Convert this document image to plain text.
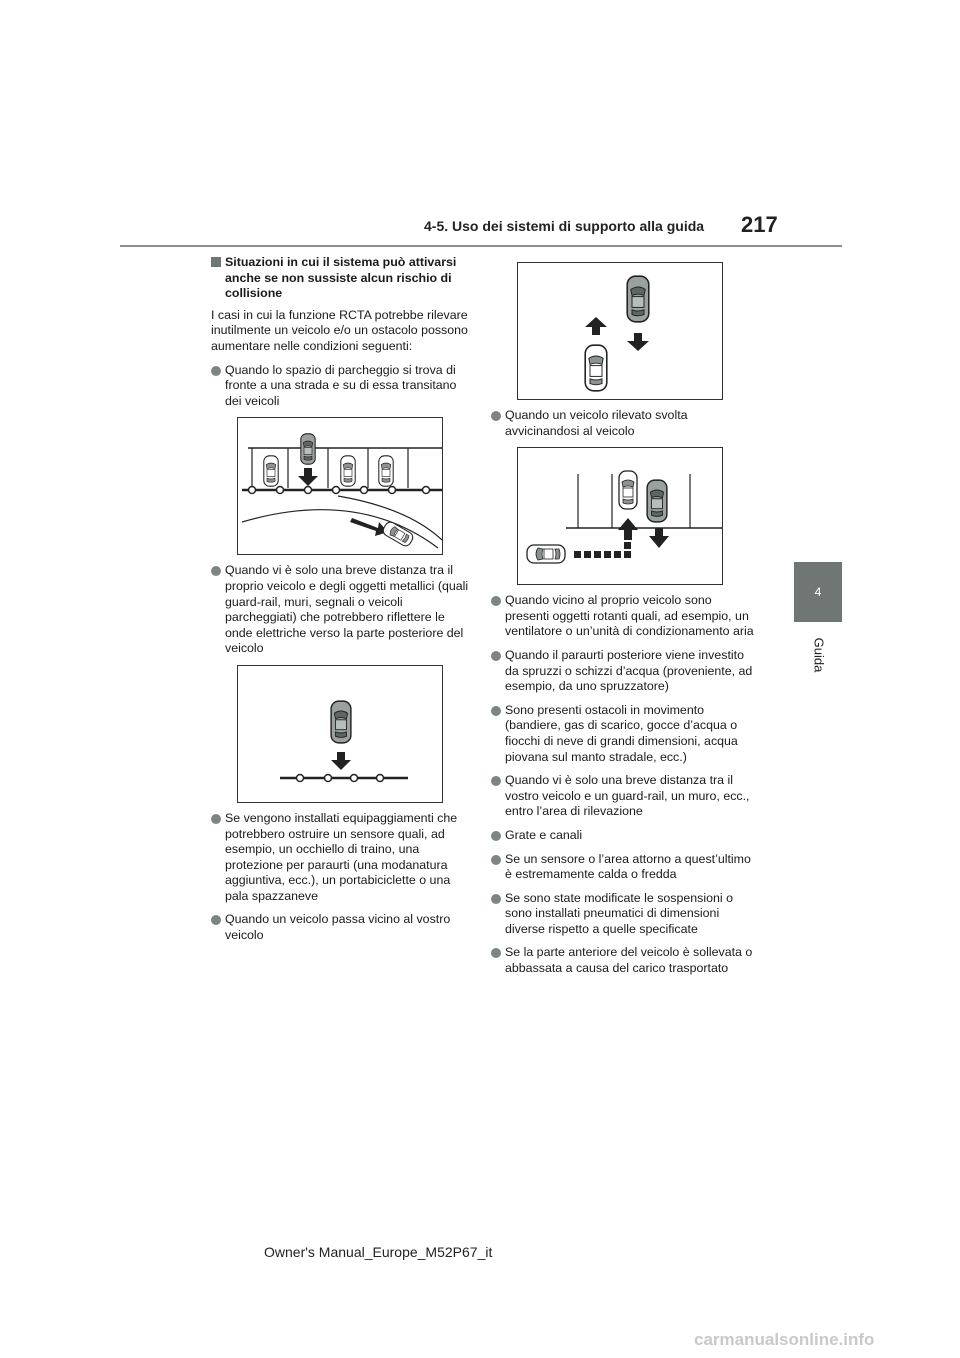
4-5. Uso dei sistemi di supporto alla guida 217
4
Guida
Situazioni in cui il sistema può attivarsi anche se non sussiste alcun rischio di collisione
I casi in cui la funzione RCTA potrebbe rilevare inutilmente un veicolo e/o un ostacolo possono aumentare nelle condizioni seguenti:
Quando lo spazio di parcheggio si trova di fronte a una strada e su di essa transitano dei veicoli
Quando vi è solo una breve distanza tra il proprio veicolo e degli oggetti metallici (quali guard-rail, muri, segnali o veicoli parcheggiati) che potrebbero riflettere le onde elettriche verso la parte posteriore del veicolo
Se vengono installati equipaggiamenti che potrebbero ostruire un sensore quali, ad esempio, un occhiello di traino, una protezione per paraurti (una modanatura aggiuntiva, ecc.), un portabiciclette o una pala spazzaneve
Quando un veicolo passa vicino al vostro veicolo
Quando un veicolo rilevato svolta avvicinandosi al veicolo
Quando vicino al proprio veicolo sono presenti oggetti rotanti quali, ad esempio, un ventilatore o un’unità di condizionamento aria
Quando il paraurti posteriore viene investito da spruzzi o schizzi d’acqua (proveniente, ad esempio, da uno spruzzatore)
Sono presenti ostacoli in movimento (bandiere, gas di scarico, gocce d’acqua o fiocchi di neve di grandi dimensioni, acqua piovana sul manto stradale, ecc.)
Quando vi è solo una breve distanza tra il vostro veicolo e un guard-rail, un muro, ecc., entro l’area di rilevazione
Grate e canali
Se un sensore o l’area attorno a quest’ultimo è estremamente calda o fredda
Se sono state modificate le sospensioni o sono installati pneumatici di dimensioni diverse rispetto a quelle specificate
Se la parte anteriore del veicolo è sollevata o abbassata a causa del carico trasportato
Owner's Manual_Europe_M52P67_it
carmanualsonline.info
